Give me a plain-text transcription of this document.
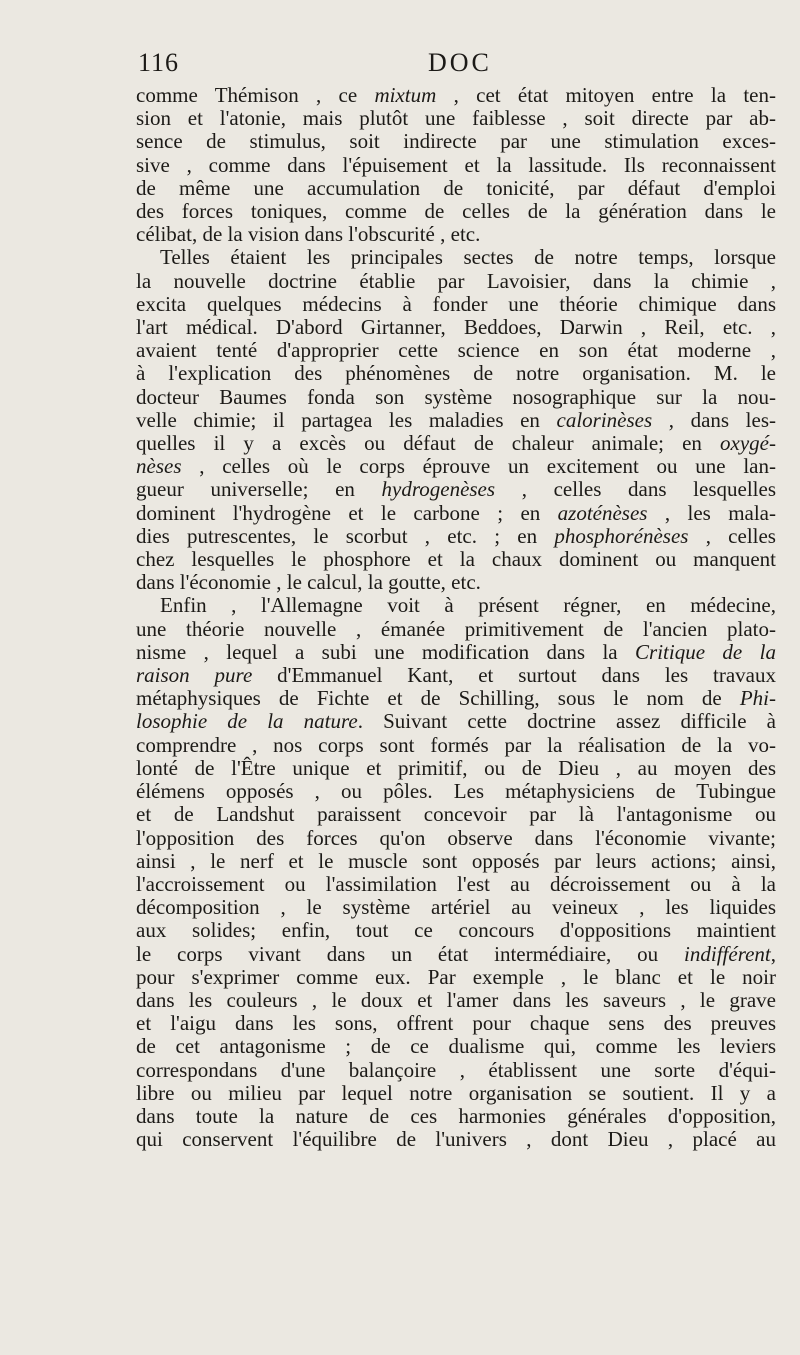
116	DOC
comme Thémison , ce mixtum , cet état mitoyen entre la ten-
sion et l'atonie, mais plutôt une faiblesse , soit directe par ab-
sence de stimulus, soit indirecte par une stimulation exces-
sive , comme dans l'épuisement et la lassitude. Ils reconnaissent
de même une accumulation de tonicité, par défaut d'emploi
des forces toniques, comme de celles de la génération dans le
célibat, de la vision dans l'obscurité , etc.
Telles étaient les principales sectes de notre temps, lorsque
la nouvelle doctrine établie par Lavoisier, dans la chimie ,
excita quelques médecins à fonder une théorie chimique dans
l'art médical. D'abord Girtanner, Beddoes, Darwin , Reil, etc. ,
avaient tenté d'approprier cette science en son état moderne ,
à l'explication des phénomènes de notre organisation. M. le
docteur Baumes fonda son système nosographique sur la nou-
velle chimie; il partagea les maladies en calorinèses , dans les-
quelles il y a excès ou défaut de chaleur animale; en oxygé-
nèses , celles où le corps éprouve un excitement ou une lan-
gueur universelle; en hydrogenèses , celles dans lesquelles
dominent l'hydrogène et le carbone ; en azoténèses , les mala-
dies putrescentes, le scorbut , etc. ; en phosphorénèses , celles
chez lesquelles le phosphore et la chaux dominent ou manquent
dans l'économie , le calcul, la goutte, etc.
Enfin , l'Allemagne voit à présent régner, en médecine,
une théorie nouvelle , émanée primitivement de l'ancien plato-
nisme , lequel a subi une modification dans la Critique de la
raison pure d'Emmanuel Kant, et surtout dans les travaux
métaphysiques de Fichte et de Schilling, sous le nom de Phi-
losophie de la nature. Suivant cette doctrine assez difficile à
comprendre , nos corps sont formés par la réalisation de la vo-
lonté de l'Être unique et primitif, ou de Dieu , au moyen des
élémens opposés , ou pôles. Les métaphysiciens de Tubingue
et de Landshut paraissent concevoir par là l'antagonisme ou
l'opposition des forces qu'on observe dans l'économie vivante;
ainsi , le nerf et le muscle sont opposés par leurs actions; ainsi,
l'accroissement ou l'assimilation l'est au décroissement ou à la
décomposition , le système artériel au veineux , les liquides
aux solides; enfin, tout ce concours d'oppositions maintient
le corps vivant dans un état intermédiaire, ou indifférent,
pour s'exprimer comme eux. Par exemple , le blanc et le noir
dans les couleurs , le doux et l'amer dans les saveurs , le grave
et l'aigu dans les sons, offrent pour chaque sens des preuves
de cet antagonisme ; de ce dualisme qui, comme les leviers
correspondans d'une balançoire , établissent une sorte d'équi-
libre ou milieu par lequel notre organisation se soutient. Il y a
dans toute la nature de ces harmonies générales d'opposition,
qui conservent l'équilibre de l'univers , dont Dieu , placé au
